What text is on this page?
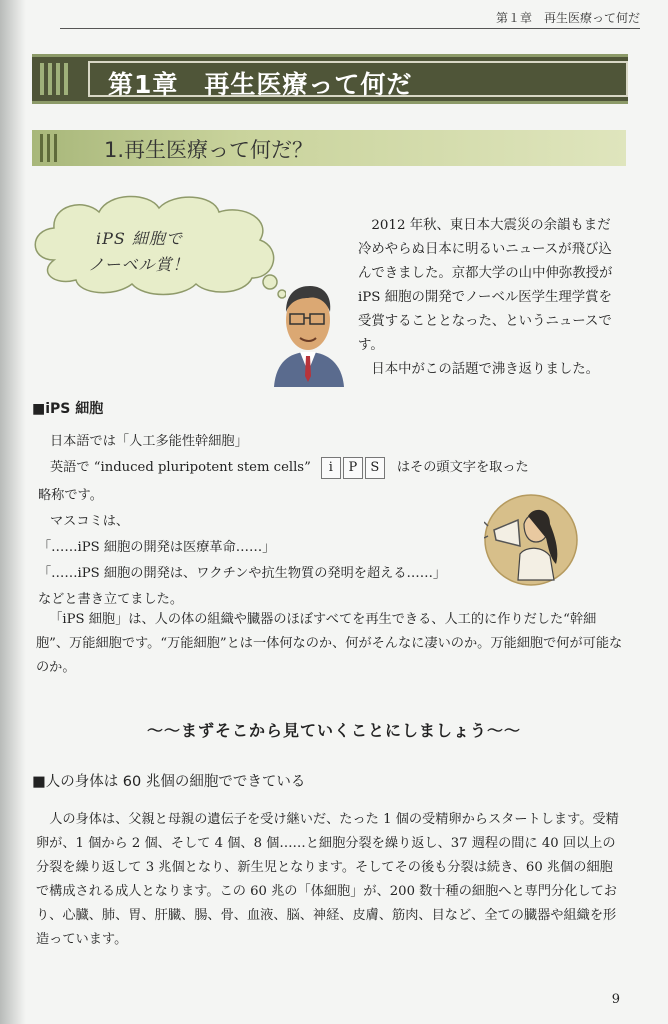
第１章　再生医療って何だ
第1章　再生医療って何だ
1.再生医療って何だ？
iPS 細胞で
ノーベル賞！

2012 年秋、東日本大震災の余韻もまだ冷めやらぬ日本に明るいニュースが飛び込んできました。京都大学の山中伸弥教授が iPS 細胞の開発でノーベル医学生理学賞を受賞することとなった、というニュースです。

日本中がこの話題で沸き返りました。

■iPS 細胞
日本語では「人工多能性幹細胞」
英語で “induced pluripotent stem cells” i P S はその頭文字を取った
略称です。
マスコミは、
「……iPS 細胞の開発は医療革命……」
「……iPS 細胞の開発は、ワクチンや抗生物質の発明を超える……」
などと書き立てました。

「iPS 細胞」は、人の体の組織や臓器のほぼすべてを再生できる、人工的に作りだした“幹細胞”、万能細胞です。“万能細胞”とは一体何なのか、何がそんなに凄いのか。万能細胞で何が可能なのか。

〜〜まずそこから見ていくことにしましょう〜〜
■人の身体は 60 兆個の細胞でできている

人の身体は、父親と母親の遺伝子を受け継いだ、たった 1 個の受精卵からスタートします。受精卵が、1 個から 2 個、そして 4 個、8 個……と細胞分裂を繰り返し、37 週程の間に 40 回以上の分裂を繰り返して 3 兆個となり、新生児となります。そしてその後も分裂は続き、60 兆個の細胞で構成される成人となります。この 60 兆の「体細胞」が、200 数十種の細胞へと専門分化しており、心臓、肺、胃、肝臓、腸、骨、血液、脳、神経、皮膚、筋肉、目など、全ての臓器や組織を形造っています。

9
